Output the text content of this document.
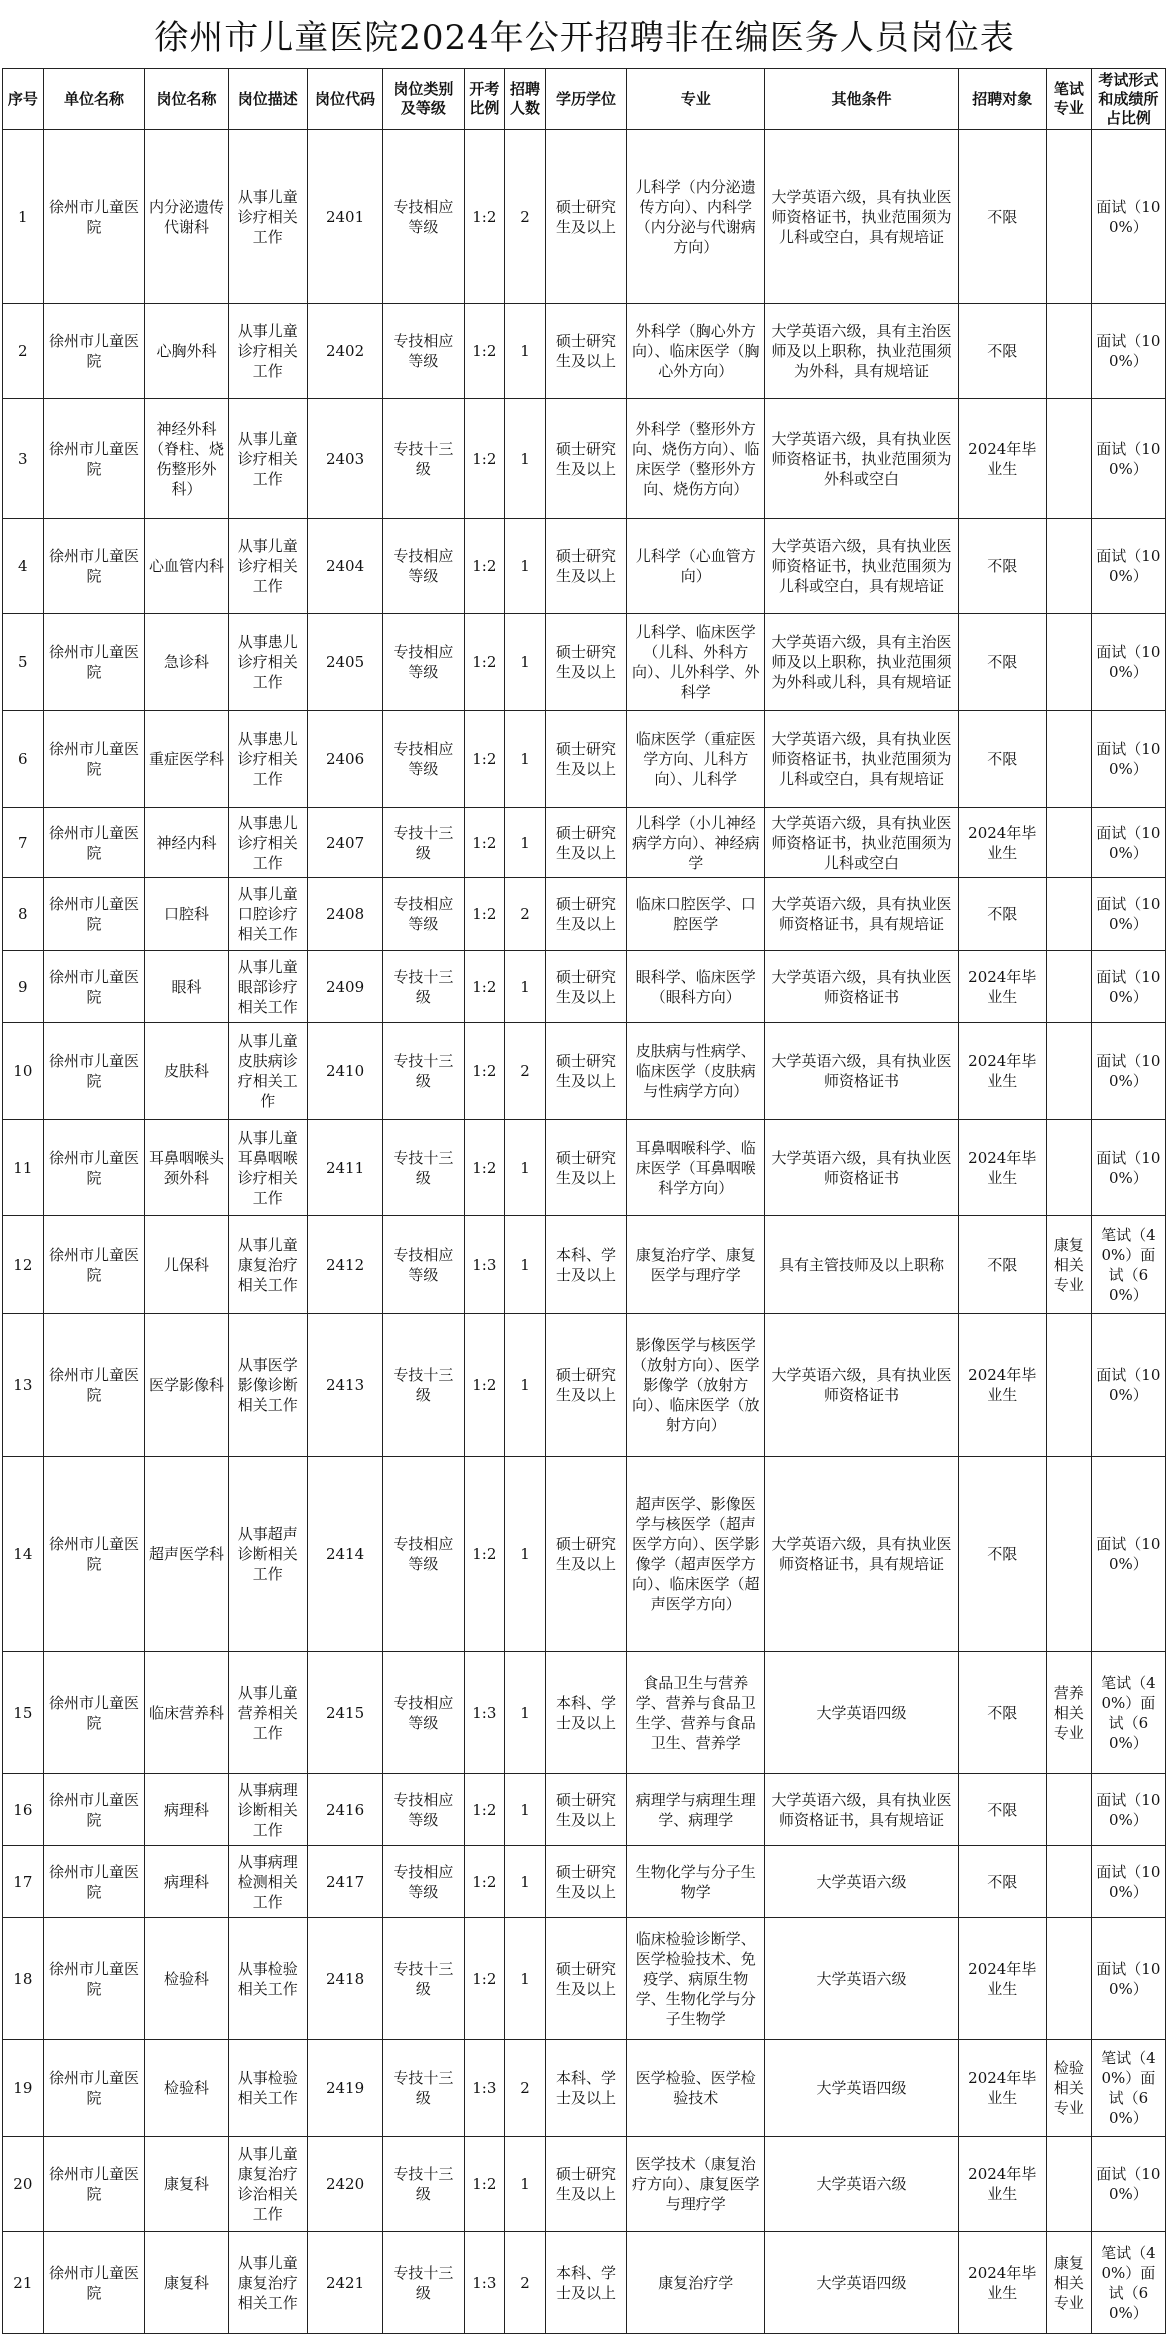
徐州市儿童医院2024年公开招聘非在编医务人员岗位表
序号	单位名称	岗位名称	岗位描述	岗位代码	岗位类别及等级	开考比例	招聘人数	学历学位	专业	其他条件	招聘对象	笔试专业	考试形式和成绩所占比例
1	徐州市儿童医院	内分泌遗传代谢科	从事儿童诊疗相关工作	2401	专技相应等级	1:2	2	硕士研究生及以上	儿科学（内分泌遗传方向）、内科学（内分泌与代谢病方向）	大学英语六级，具有执业医师资格证书，执业范围须为儿科或空白，具有规培证	不限		面试（100%）
2	徐州市儿童医院	心胸外科	从事儿童诊疗相关工作	2402	专技相应等级	1:2	1	硕士研究生及以上	外科学（胸心外方向）、临床医学（胸心外方向）	大学英语六级，具有主治医师及以上职称，执业范围须为外科，具有规培证	不限		面试（100%）
3	徐州市儿童医院	神经外科（脊柱、烧伤整形外科）	从事儿童诊疗相关工作	2403	专技十三级	1:2	1	硕士研究生及以上	外科学（整形外方向、烧伤方向）、临床医学（整形外方向、烧伤方向）	大学英语六级，具有执业医师资格证书，执业范围须为外科或空白	2024年毕业生		面试（100%）
4	徐州市儿童医院	心血管内科	从事儿童诊疗相关工作	2404	专技相应等级	1:2	1	硕士研究生及以上	儿科学（心血管方向）	大学英语六级，具有执业医师资格证书，执业范围须为儿科或空白，具有规培证	不限		面试（100%）
5	徐州市儿童医院	急诊科	从事患儿诊疗相关工作	2405	专技相应等级	1:2	1	硕士研究生及以上	儿科学、临床医学（儿科、外科方向）、儿外科学、外科学	大学英语六级，具有主治医师及以上职称，执业范围须为外科或儿科，具有规培证	不限		面试（100%）
6	徐州市儿童医院	重症医学科	从事患儿诊疗相关工作	2406	专技相应等级	1:2	1	硕士研究生及以上	临床医学（重症医学方向、儿科方向）、儿科学	大学英语六级，具有执业医师资格证书，执业范围须为儿科或空白，具有规培证	不限		面试（100%）
7	徐州市儿童医院	神经内科	从事患儿诊疗相关工作	2407	专技十三级	1:2	1	硕士研究生及以上	儿科学（小儿神经病学方向）、神经病学	大学英语六级，具有执业医师资格证书，执业范围须为儿科或空白	2024年毕业生		面试（100%）
8	徐州市儿童医院	口腔科	从事儿童口腔诊疗相关工作	2408	专技相应等级	1:2	2	硕士研究生及以上	临床口腔医学、口腔医学	大学英语六级，具有执业医师资格证书，具有规培证	不限		面试（100%）
9	徐州市儿童医院	眼科	从事儿童眼部诊疗相关工作	2409	专技十三级	1:2	1	硕士研究生及以上	眼科学、临床医学（眼科方向）	大学英语六级，具有执业医师资格证书	2024年毕业生		面试（100%）
10	徐州市儿童医院	皮肤科	从事儿童皮肤病诊疗相关工作	2410	专技十三级	1:2	2	硕士研究生及以上	皮肤病与性病学、临床医学（皮肤病与性病学方向）	大学英语六级，具有执业医师资格证书	2024年毕业生		面试（100%）
11	徐州市儿童医院	耳鼻咽喉头颈外科	从事儿童耳鼻咽喉诊疗相关工作	2411	专技十三级	1:2	1	硕士研究生及以上	耳鼻咽喉科学、临床医学（耳鼻咽喉科学方向）	大学英语六级，具有执业医师资格证书	2024年毕业生		面试（100%）
12	徐州市儿童医院	儿保科	从事儿童康复治疗相关工作	2412	专技相应等级	1:3	1	本科、学士及以上	康复治疗学、康复医学与理疗学	具有主管技师及以上职称	不限	康复相关专业	笔试（40%）面试（60%）
13	徐州市儿童医院	医学影像科	从事医学影像诊断相关工作	2413	专技十三级	1:2	1	硕士研究生及以上	影像医学与核医学（放射方向）、医学影像学（放射方向）、临床医学（放射方向）	大学英语六级，具有执业医师资格证书	2024年毕业生		面试（100%）
14	徐州市儿童医院	超声医学科	从事超声诊断相关工作	2414	专技相应等级	1:2	1	硕士研究生及以上	超声医学、影像医学与核医学（超声医学方向）、医学影像学（超声医学方向）、临床医学（超声医学方向）	大学英语六级，具有执业医师资格证书，具有规培证	不限		面试（100%）
15	徐州市儿童医院	临床营养科	从事儿童营养相关工作	2415	专技相应等级	1:3	1	本科、学士及以上	食品卫生与营养学、营养与食品卫生学、营养与食品卫生、营养学	大学英语四级	不限	营养相关专业	笔试（40%）面试（60%）
16	徐州市儿童医院	病理科	从事病理诊断相关工作	2416	专技相应等级	1:2	1	硕士研究生及以上	病理学与病理生理学、病理学	大学英语六级，具有执业医师资格证书，具有规培证	不限		面试（100%）
17	徐州市儿童医院	病理科	从事病理检测相关工作	2417	专技相应等级	1:2	1	硕士研究生及以上	生物化学与分子生物学	大学英语六级	不限		面试（100%）
18	徐州市儿童医院	检验科	从事检验相关工作	2418	专技十三级	1:2	1	硕士研究生及以上	临床检验诊断学、医学检验技术、免疫学、病原生物学、生物化学与分子生物学	大学英语六级	2024年毕业生		面试（100%）
19	徐州市儿童医院	检验科	从事检验相关工作	2419	专技十三级	1:3	2	本科、学士及以上	医学检验、医学检验技术	大学英语四级	2024年毕业生	检验相关专业	笔试（40%）面试（60%）
20	徐州市儿童医院	康复科	从事儿童康复治疗诊治相关工作	2420	专技十三级	1:2	1	硕士研究生及以上	医学技术（康复治疗方向）、康复医学与理疗学	大学英语六级	2024年毕业生		面试（100%）
21	徐州市儿童医院	康复科	从事儿童康复治疗相关工作	2421	专技十三级	1:3	2	本科、学士及以上	康复治疗学	大学英语四级	2024年毕业生	康复相关专业	笔试（40%）面试（60%）
